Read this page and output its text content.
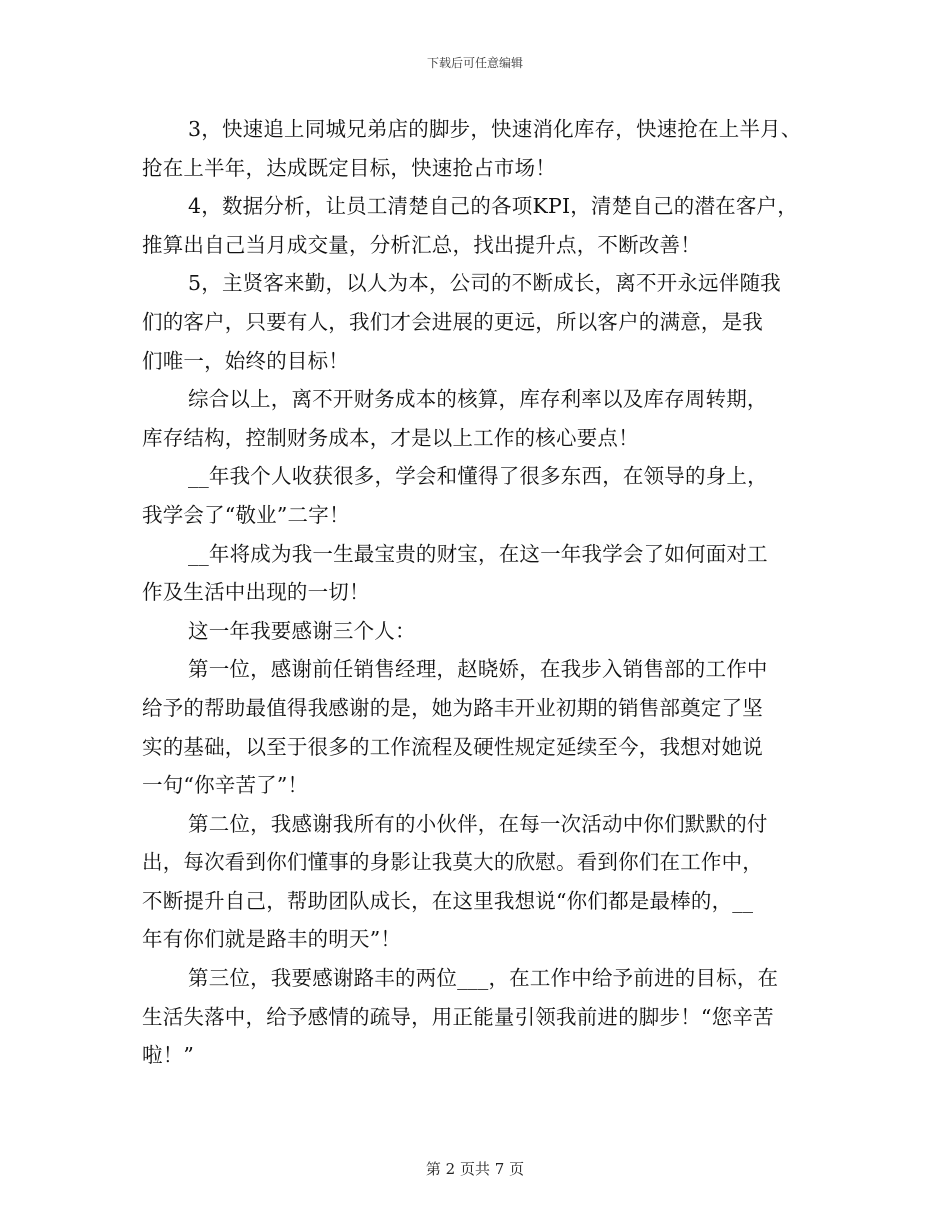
下载后可任意编辑
3，快速追上同城兄弟店的脚步，快速消化库存，快速抢在上半月、
抢在上半年，达成既定目标，快速抢占市场！
4，数据分析，让员工清楚自己的各项KPI，清楚自己的潜在客户，
推算出自己当月成交量，分析汇总，找出提升点，不断改善！
5，主贤客来勤，以人为本，公司的不断成长，离不开永远伴随我
们的客户，只要有人，我们才会进展的更远，所以客户的满意，是我
们唯一，始终的目标！
综合以上，离不开财务成本的核算，库存利率以及库存周转期，
库存结构，控制财务成本，才是以上工作的核心要点！
__年我个人收获很多，学会和懂得了很多东西，在领导的身上，
我学会了“敬业”二字！
__年将成为我一生最宝贵的财宝，在这一年我学会了如何面对工
作及生活中出现的一切！
这一年我要感谢三个人：
第一位，感谢前任销售经理，赵晓娇，在我步入销售部的工作中
给予的帮助最值得我感谢的是，她为路丰开业初期的销售部奠定了坚
实的基础，以至于很多的工作流程及硬性规定延续至今，我想对她说
一句“你辛苦了”！
第二位，我感谢我所有的小伙伴，在每一次活动中你们默默的付
出，每次看到你们懂事的身影让我莫大的欣慰。看到你们在工作中，
不断提升自己，帮助团队成长，在这里我想说“你们都是最棒的，__
年有你们就是路丰的明天”！
第三位，我要感谢路丰的两位___，在工作中给予前进的目标，在
生活失落中，给予感情的疏导，用正能量引领我前进的脚步！“您辛苦
啦！”
第 2 页共 7 页
